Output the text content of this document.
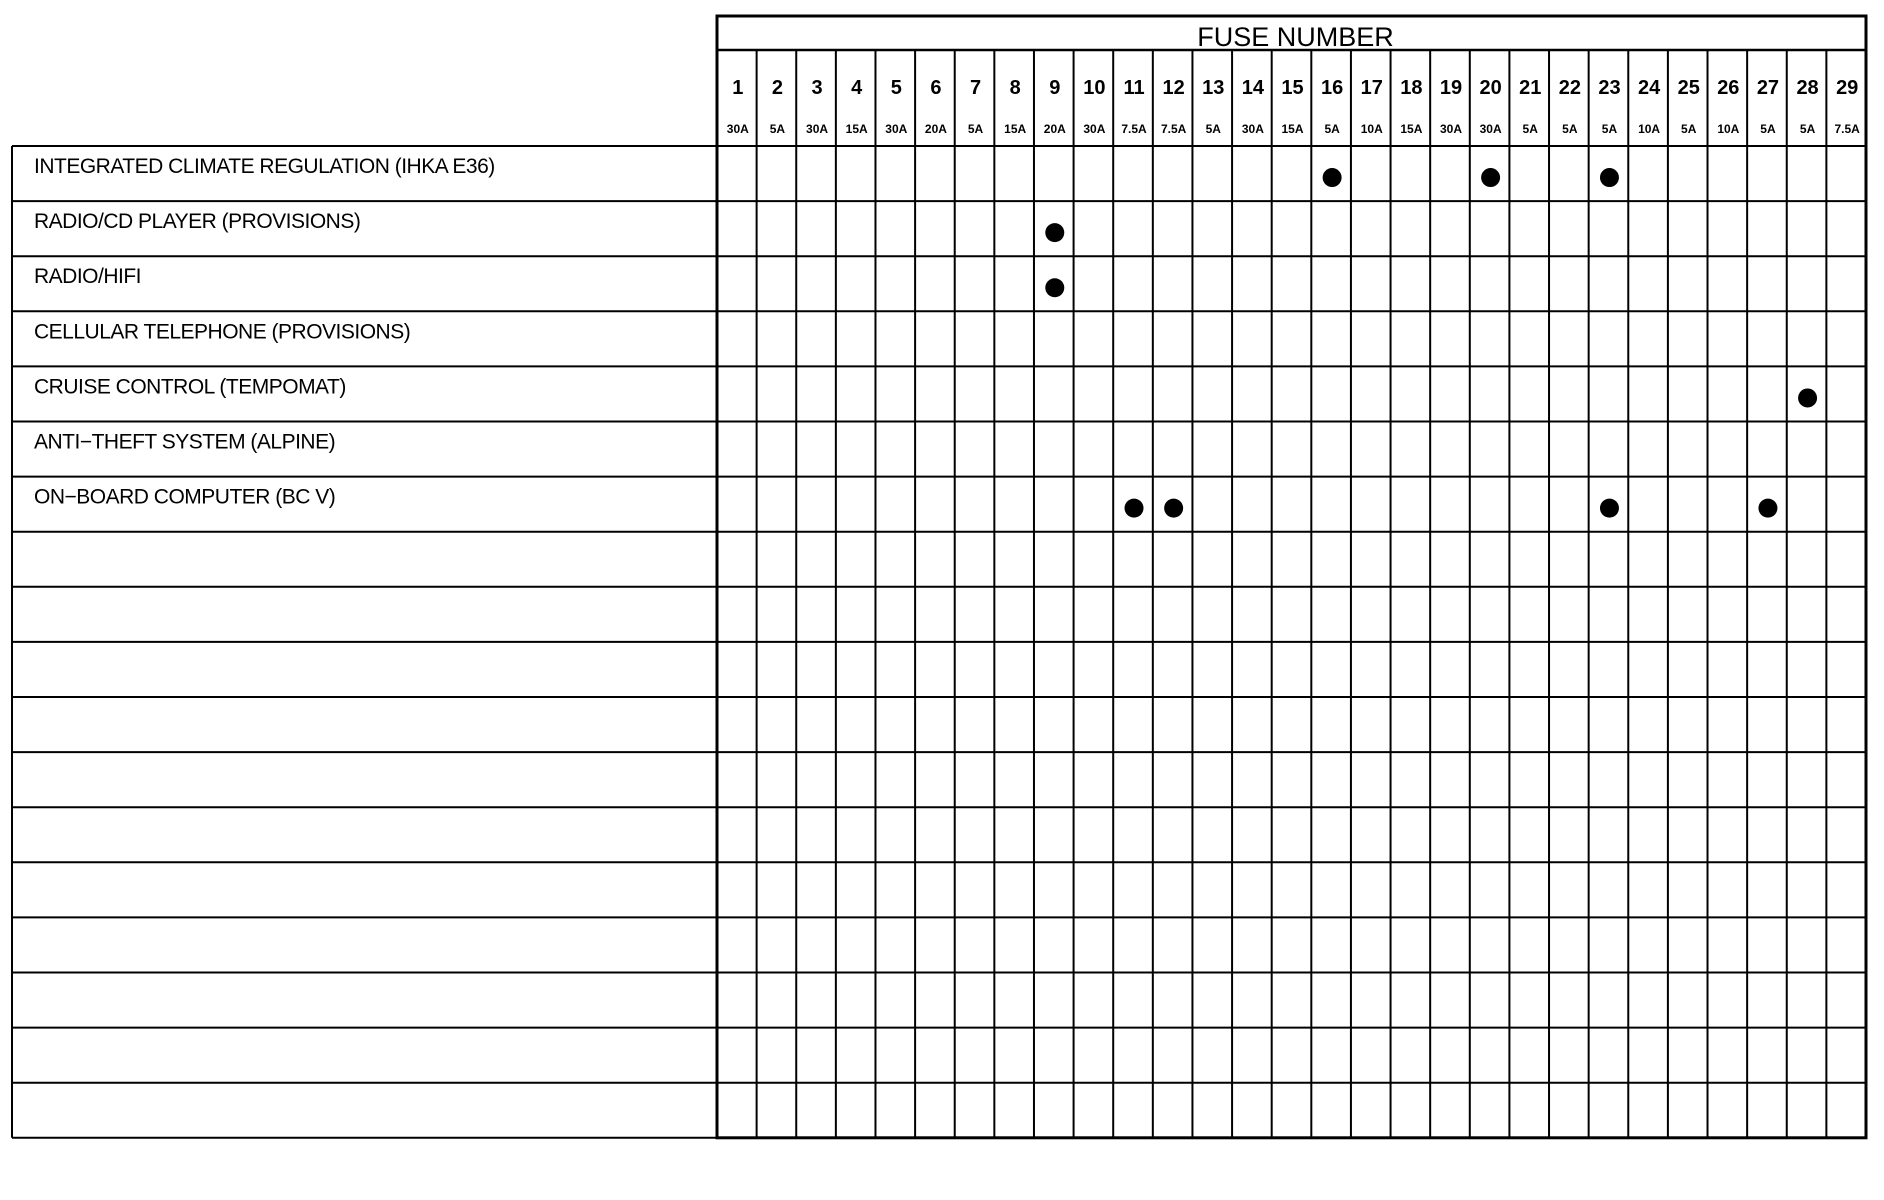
FUSE NUMBER
1 2 3 4 5 6 7 8 9 10 11 12 13 14 15 16 17 18 19 20 21 22 23 24 25 26 27 28 29
30A 5A 30A 15A 30A 20A 5A 15A 20A 30A 7.5A 7.5A 5A 30A 15A 5A 10A 15A 30A 30A 5A 5A 5A 10A 5A 10A 5A 5A 7.5A
INTEGRATED CLIMATE REGULATION (IHKA E36)
RADIO/CD PLAYER (PROVISIONS)
RADIO/HIFI
CELLULAR TELEPHONE (PROVISIONS)
CRUISE CONTROL (TEMPOMAT)
ANTI−THEFT SYSTEM (ALPINE)
ON−BOARD COMPUTER (BC V)
